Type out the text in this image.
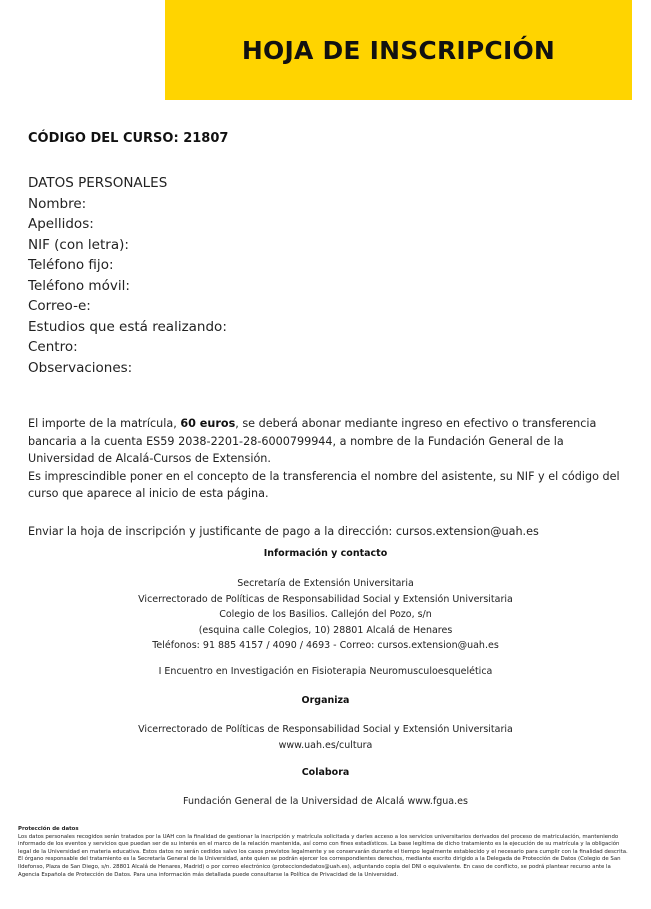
HOJA DE INSCRIPCIÓN
CÓDIGO DEL CURSO: 21807
DATOS PERSONALES
Nombre:
Apellidos:
NIF (con letra):
Teléfono fijo:
Teléfono móvil:
Correo-e:
Estudios que está realizando:
Centro:
Observaciones:

El importe de la matrícula, 60 euros, se deberá abonar mediante ingreso en efectivo o transferencia bancaria a la cuenta ES59 2038-2201-28-6000799944, a nombre de la Fundación General de la Universidad de Alcalá-Cursos de Extensión.

Es imprescindible poner en el concepto de la transferencia el nombre del asistente, su NIF y el código del curso que aparece al inicio de esta página.

Enviar la hoja de inscripción y justificante de pago a la dirección: cursos.extension@uah.es
Información y contacto
Secretaría de Extensión Universitaria
Vicerrectorado de Políticas de Responsabilidad Social y Extensión Universitaria
Colegio de los Basilios. Callejón del Pozo, s/n
(esquina calle Colegios, 10) 28801 Alcalá de Henares
Teléfonos: 91 885 4157 / 4090 / 4693 - Correo: cursos.extension@uah.es
I Encuentro en Investigación en Fisioterapia Neuromusculoesquelética
Organiza
Vicerrectorado de Políticas de Responsabilidad Social y Extensión Universitaria
www.uah.es/cultura
Colabora
Fundación General de la Universidad de Alcalá www.fgua.es
Protección de datos
Los datos personales recogidos serán tratados por la UAH con la finalidad de gestionar la inscripción y matrícula solicitada y darles acceso a los servicios universitarios derivados del proceso de matriculación, manteniendo informado de los eventos y servicios que puedan ser de su interés en el marco de la relación mantenida, así como con fines estadísticos. La base legítima de dicho tratamiento es la ejecución de su matrícula y la obligación legal de la Universidad en materia educativa. Estos datos no serán cedidos salvo los casos previstos legalmente y se conservarán durante el tiempo legalmente establecido y el necesario para cumplir con la finalidad descrita. El órgano responsable del tratamiento es la Secretaría General de la Universidad, ante quien se podrán ejercer los correspondientes derechos, mediante escrito dirigido a la Delegada de Protección de Datos (Colegio de San Ildefonso, Plaza de San Diego, s/n. 28801 Alcalá de Henares, Madrid) o por correo electrónico (protecciondedatos@uah.es), adjuntando copia del DNI o equivalente. En caso de conflicto, se podrá plantear recurso ante la Agencia Española de Protección de Datos. Para una información más detallada puede consultarse la Política de Privacidad de la Universidad.
